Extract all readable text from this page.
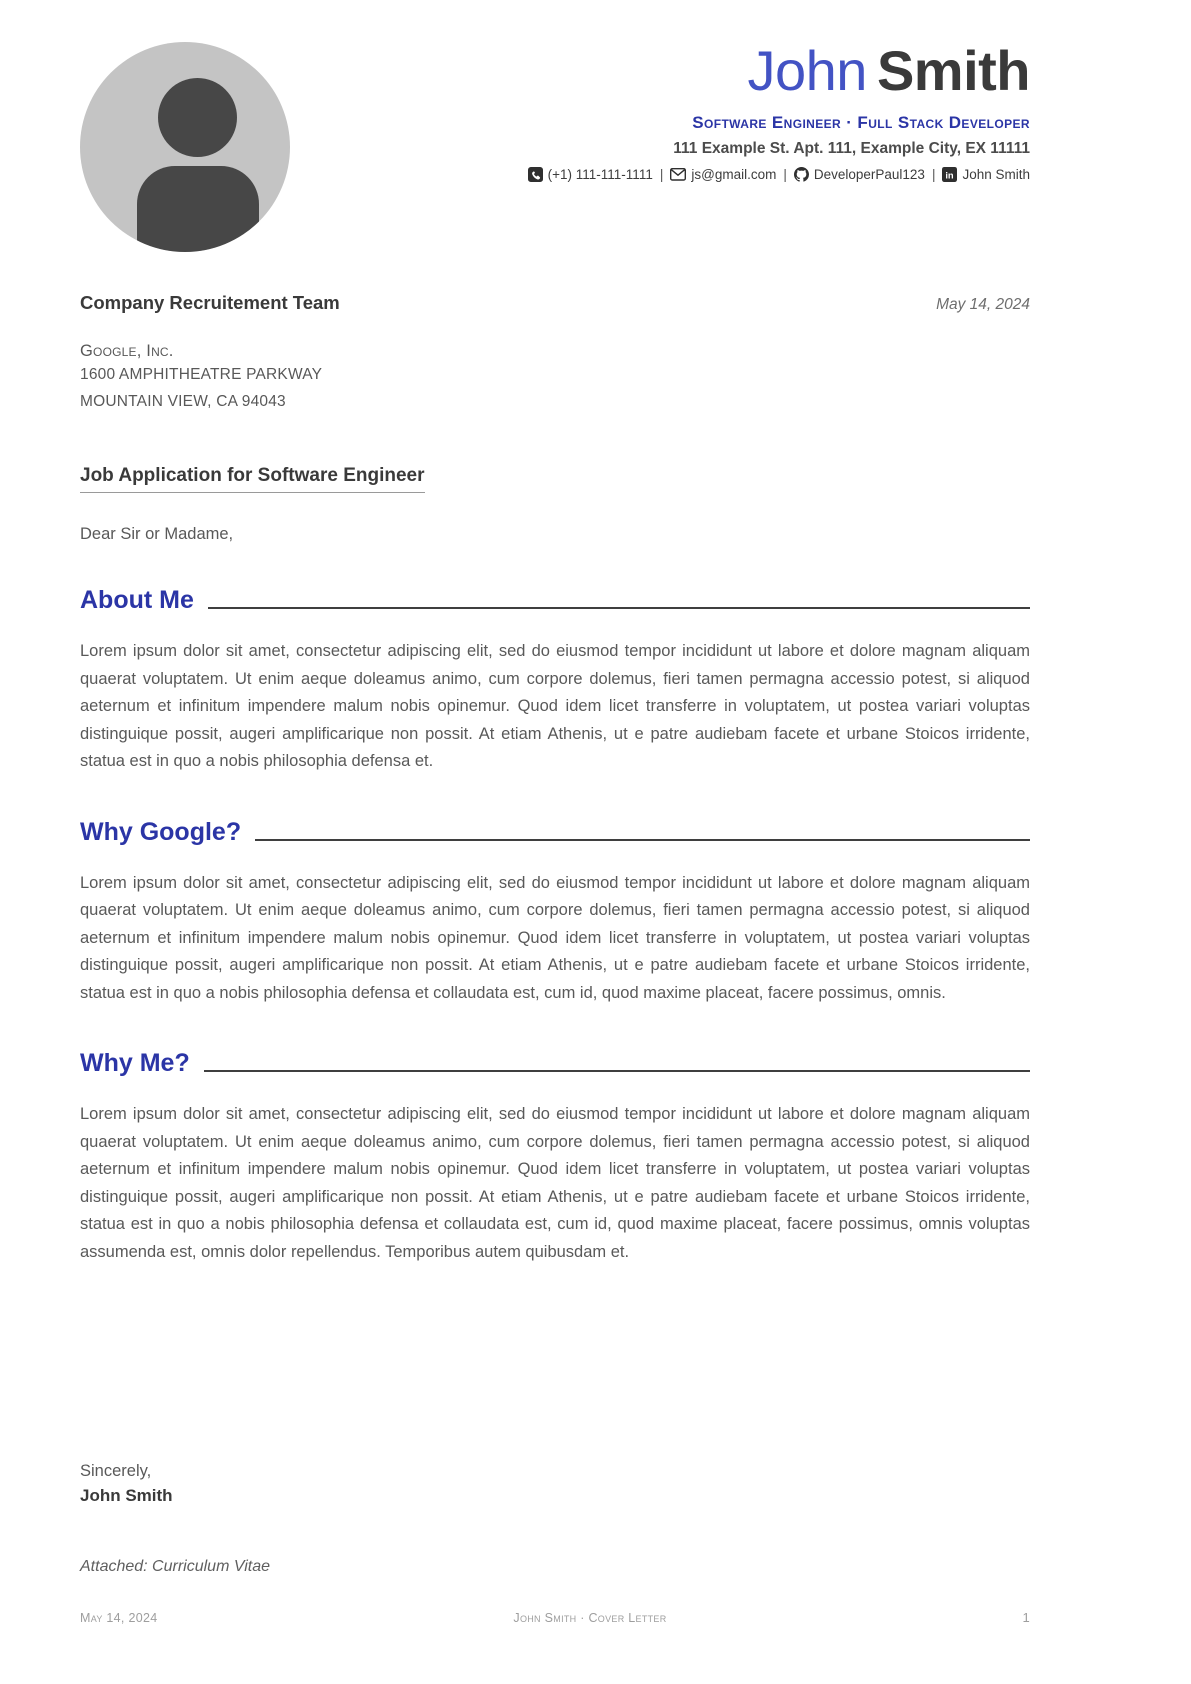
John Smith
Software Engineer · Full Stack Developer
111 Example St. Apt. 111, Example City, EX 11111
(+1) 111-111-1111 | js@gmail.com | DeveloperPaul123 | in John Smith
Company Recruitement Team	May 14, 2024
Google, Inc.
1600 AMPHITHEATRE PARKWAY
MOUNTAIN VIEW, CA 94043
Job Application for Software Engineer
Dear Sir or Madame,
About Me

Lorem ipsum dolor sit amet, consectetur adipiscing elit, sed do eiusmod tempor incididunt ut labore et dolore magnam aliquam quaerat voluptatem. Ut enim aeque doleamus animo, cum corpore dolemus, fieri tamen permagna accessio potest, si aliquod aeternum et infinitum impendere malum nobis opinemur. Quod idem licet transferre in voluptatem, ut postea variari voluptas distinguique possit, augeri amplificarique non possit. At etiam Athenis, ut e patre audiebam facete et urbane Stoicos irridente, statua est in quo a nobis philosophia defensa et.

Why Google?

Lorem ipsum dolor sit amet, consectetur adipiscing elit, sed do eiusmod tempor incididunt ut labore et dolore magnam aliquam quaerat voluptatem. Ut enim aeque doleamus animo, cum corpore dolemus, fieri tamen permagna accessio potest, si aliquod aeternum et infinitum impendere malum nobis opinemur. Quod idem licet transferre in voluptatem, ut postea variari voluptas distinguique possit, augeri amplificarique non possit. At etiam Athenis, ut e patre audiebam facete et urbane Stoicos irridente, statua est in quo a nobis philosophia defensa et collaudata est, cum id, quod maxime placeat, facere possimus, omnis.

Why Me?

Lorem ipsum dolor sit amet, consectetur adipiscing elit, sed do eiusmod tempor incididunt ut labore et dolore magnam aliquam quaerat voluptatem. Ut enim aeque doleamus animo, cum corpore dolemus, fieri tamen permagna accessio potest, si aliquod aeternum et infinitum impendere malum nobis opinemur. Quod idem licet transferre in voluptatem, ut postea variari voluptas distinguique possit, augeri amplificarique non possit. At etiam Athenis, ut e patre audiebam facete et urbane Stoicos irridente, statua est in quo a nobis philosophia defensa et collaudata est, cum id, quod maxime placeat, facere possimus, omnis voluptas assumenda est, omnis dolor repellendus. Temporibus autem quibusdam et.

Sincerely,
John Smith
Attached: Curriculum Vitae
May 14, 2024	John Smith · Cover Letter	1
